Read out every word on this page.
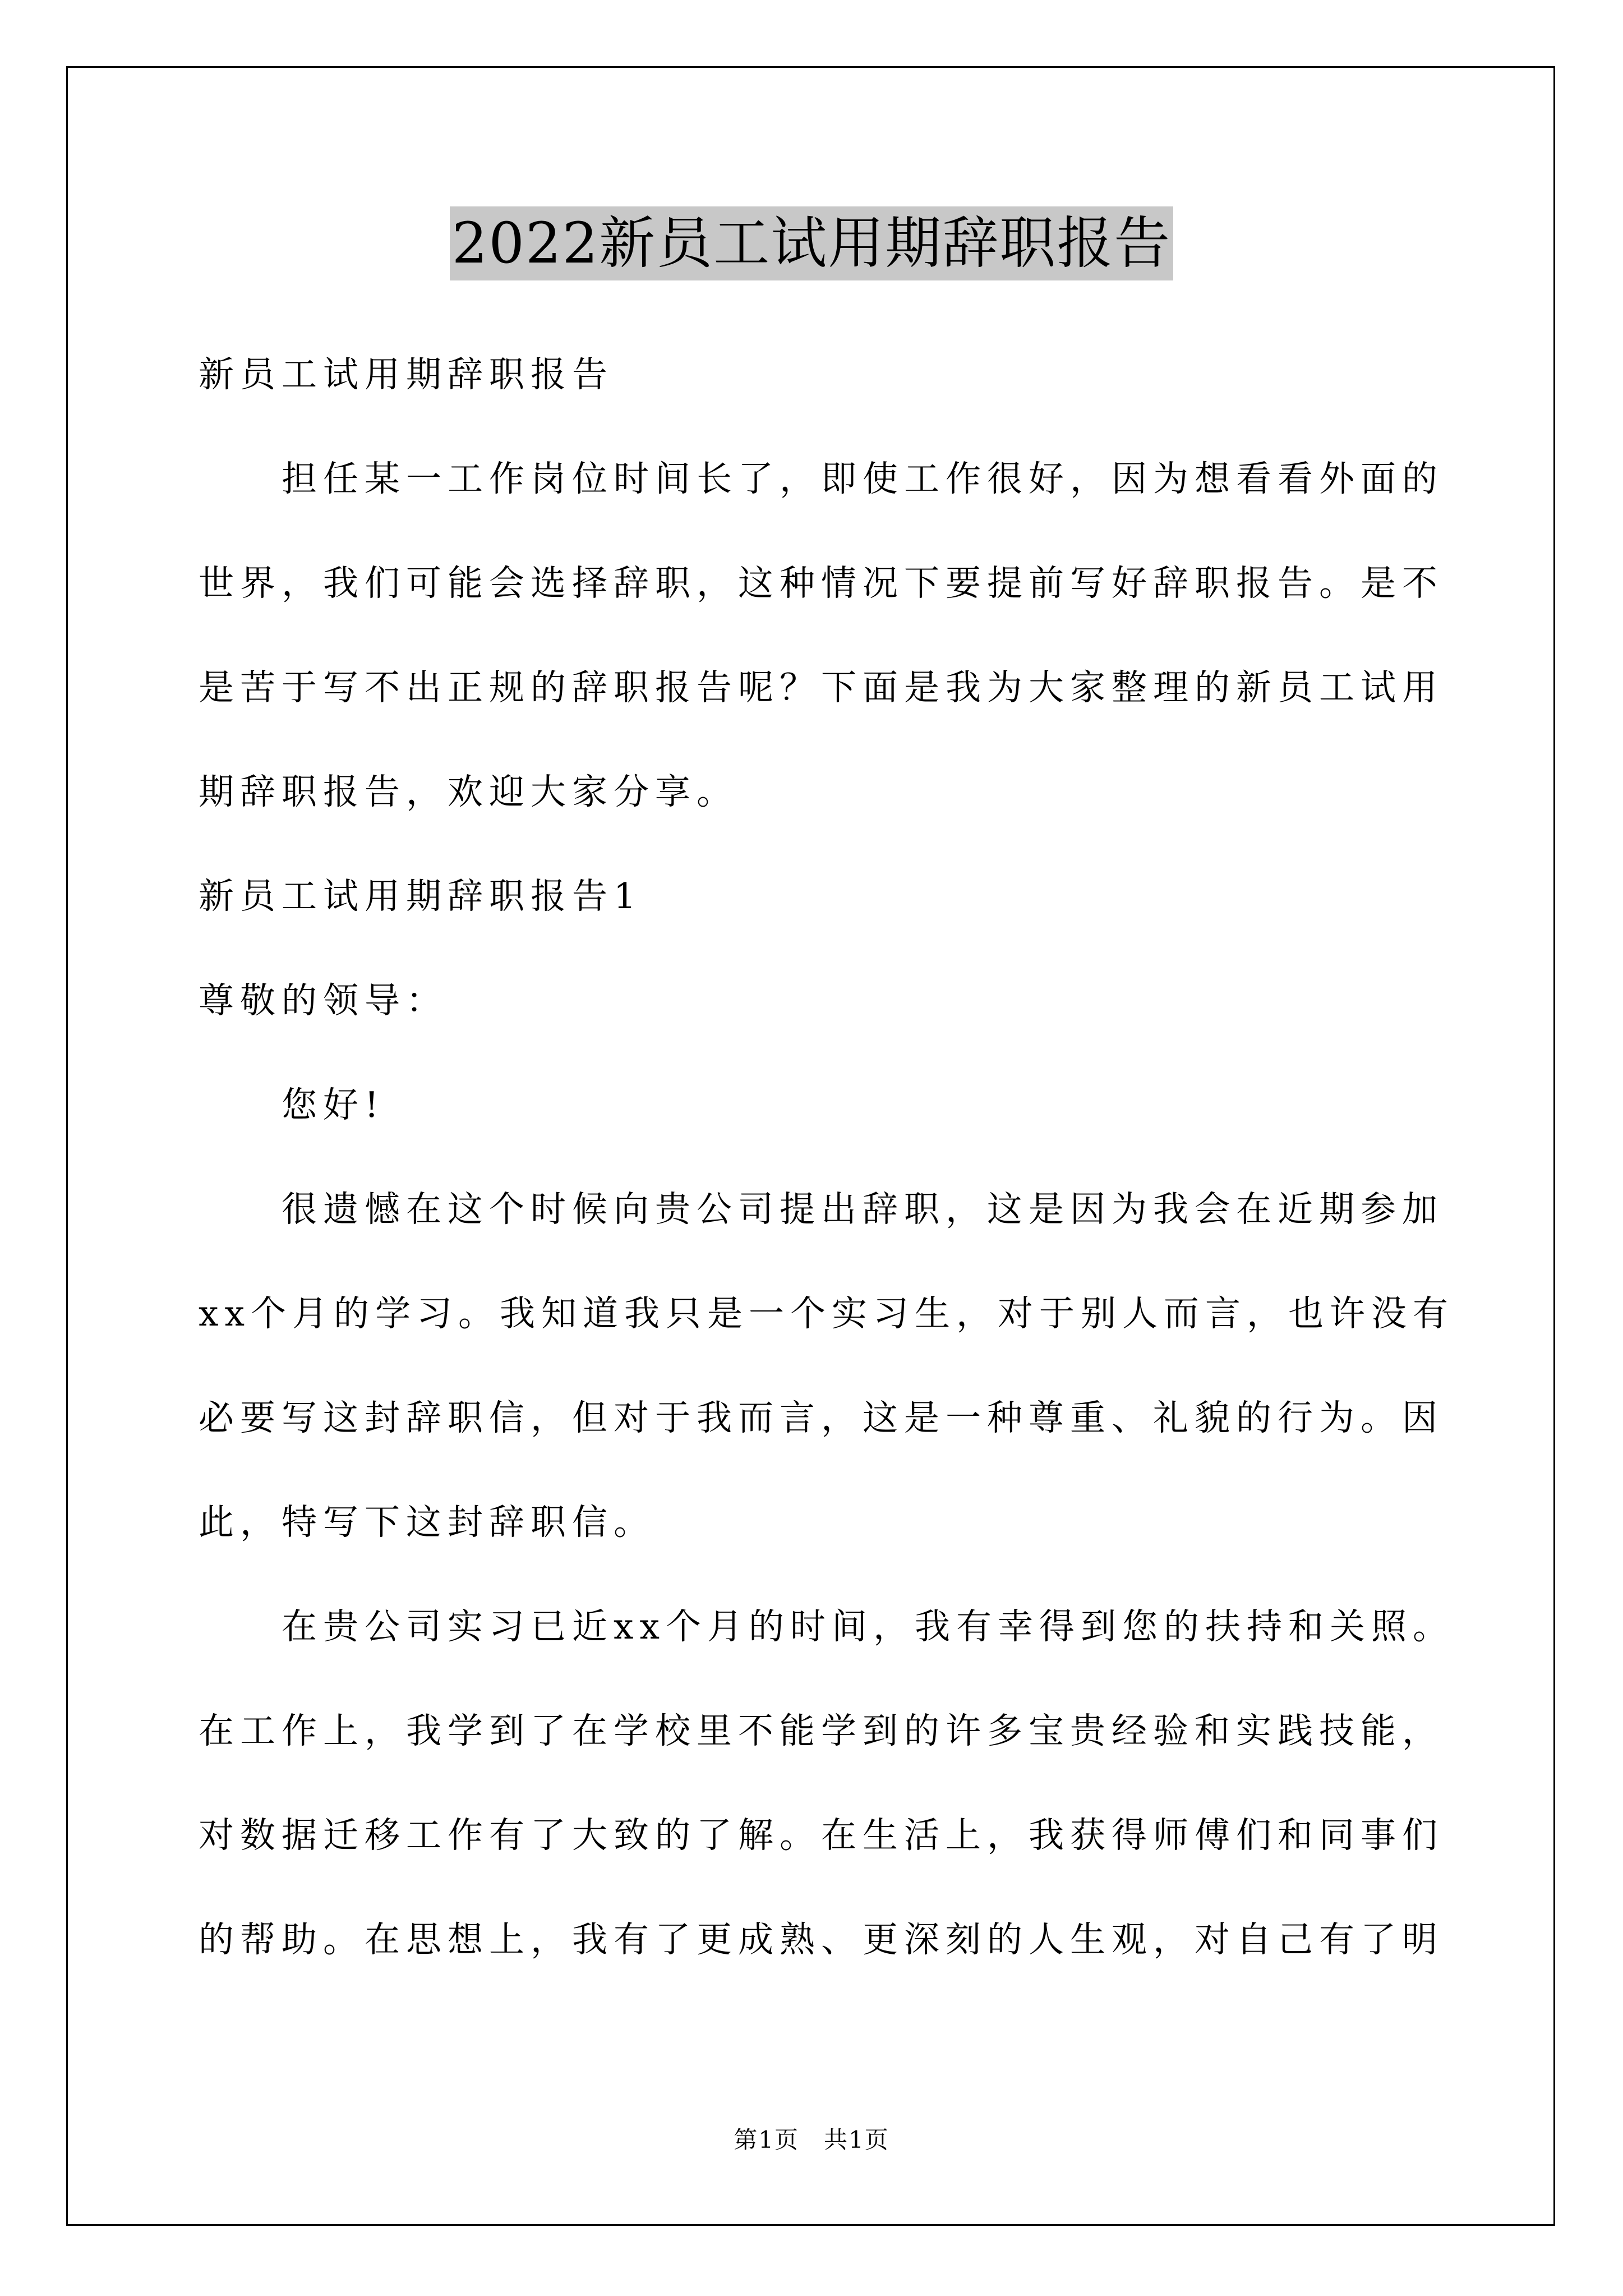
2022新员工试用期辞职报告
新员工试用期辞职报告
担任某一工作岗位时间长了，即使工作很好，因为想看看外面的
世界，我们可能会选择辞职，这种情况下要提前写好辞职报告。是不
是苦于写不出正规的辞职报告呢？下面是我为大家整理的新员工试用
期辞职报告，欢迎大家分享。
新员工试用期辞职报告1
尊敬的领导：
您好!
很遗憾在这个时候向贵公司提出辞职，这是因为我会在近期参加
xx个月的学习。我知道我只是一个实习生，对于别人而言，也许没有
必要写这封辞职信，但对于我而言，这是一种尊重、礼貌的行为。因
此，特写下这封辞职信。
在贵公司实习已近xx个月的时间，我有幸得到您的扶持和关照。
在工作上，我学到了在学校里不能学到的许多宝贵经验和实践技能，
对数据迁移工作有了大致的了解。在生活上，我获得师傅们和同事们
的帮助。在思想上，我有了更成熟、更深刻的人生观，对自己有了明
第1页　共1页
